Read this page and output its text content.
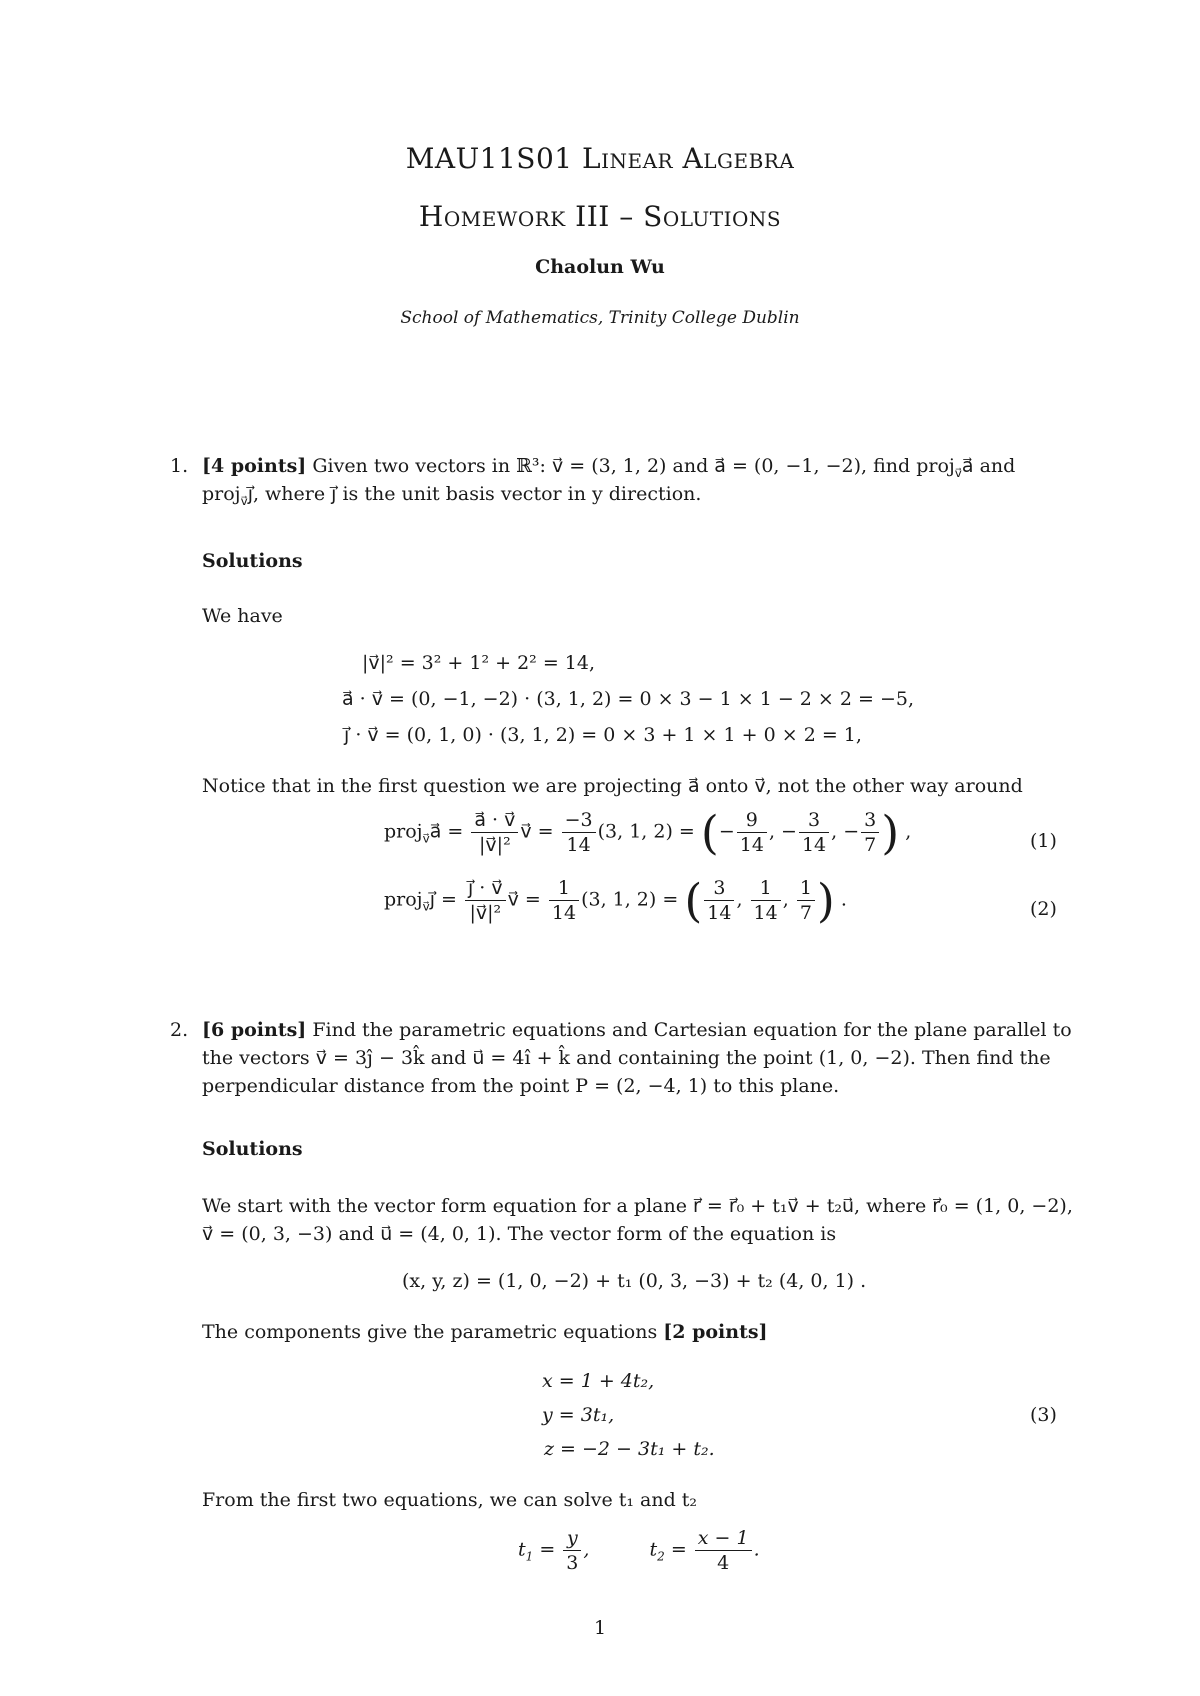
MAU11S01 Linear Algebra
Homework III – Solutions
Chaolun Wu
School of Mathematics, Trinity College Dublin
1. [4 points] Given two vectors in ℝ³: v⃗ = (3, 1, 2) and a⃗ = (0, −1, −2), find proj$_{v⃗}$a⃗ and
proj$_{v⃗}$j⃗, where j⃗ is the unit basis vector in y direction.
Solutions
We have
|v⃗|² = 3² + 1² + 2² = 14,
a⃗ · v⃗ = (0, −1, −2) · (3, 1, 2) = 0 × 3 − 1 × 1 − 2 × 2 = −5,
j⃗ · v⃗ = (0, 1, 0) · (3, 1, 2) = 0 × 3 + 1 × 1 + 0 × 2 = 1,
Notice that in the first question we are projecting a⃗ onto v⃗, not the other way around
proj$_{v⃗}$a⃗ = $\frac{a⃗ \cdot v⃗}{\text{|v⃗|²}}$ v⃗ = $\frac{-3}{14} (3$, 1, 2) = (− $\frac{9}{14}$ , − $\frac{3}{14}$ , − $\frac{3}{7}$ ) ,	(1)
proj$_{v⃗}$j⃗ = $\frac{j⃗ \cdot v⃗}{\text{|v⃗|²}}$ v⃗ = $\frac{1}{14} (3$, 1, 2) = ( $\frac{3}{14}$ , $\frac{1}{14}$ , $\frac{1}{7}$ ) .	(2)
2. [6 points] Find the parametric equations and Cartesian equation for the plane parallel to
the vectors v⃗ = 3ĵ − 3k̂ and u⃗ = 4î + k̂ and containing the point (1, 0, −2). Then find the
perpendicular distance from the point P = (2, −4, 1) to this plane.
Solutions
We start with the vector form equation for a plane r⃗ = r⃗₀ + t₁v⃗ + t₂u⃗, where r⃗₀ = (1, 0, −2),
v⃗ = (0, 3, −3) and u⃗ = (4, 0, 1). The vector form of the equation is
(x, y, z) = (1, 0, −2) + t₁ (0, 3, −3) + t₂ (4, 0, 1) .
The components give the parametric equations [2 points]
x = 1 + 4t₂,
y = 3t₁,
z = −2 − 3t₁ + t₂.
(3)
From the first two equations, we can solve t₁ and t₂
$t_1 = \frac{y}{3}$ ,	$t_2 = \frac{x - 1}{4}$ .
1
